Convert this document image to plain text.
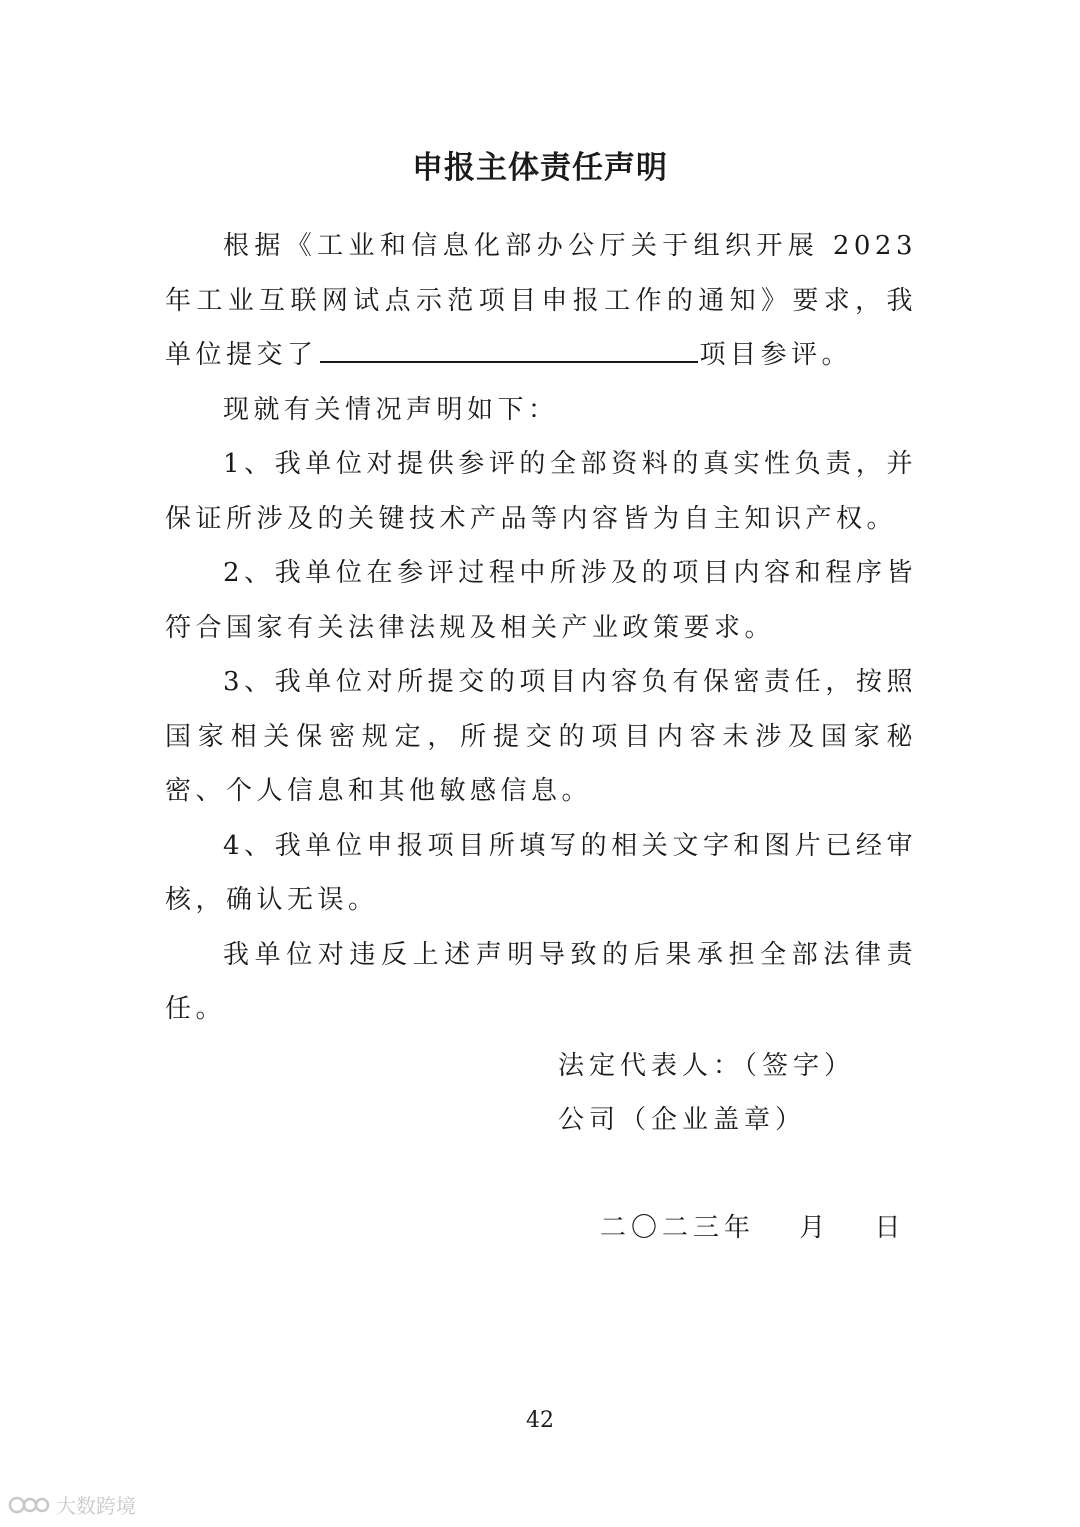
申报主体责任声明

根据《工业和信息化部办公厅关于组织开展 2023 年工业互联网试点示范项目申报工作的通知》要求，我单位提交了	项目参评。

现就有关情况声明如下：

1、我单位对提供参评的全部资料的真实性负责，并保证所涉及的关键技术产品等内容皆为自主知识产权。

2、我单位在参评过程中所涉及的项目内容和程序皆符合国家有关法律法规及相关产业政策要求。

3、我单位对所提交的项目内容负有保密责任，按照国家相关保密规定，所提交的项目内容未涉及国家秘密、个人信息和其他敏感信息。

4、我单位申报项目所填写的相关文字和图片已经审核，确认无误。

我单位对违反上述声明导致的后果承担全部法律责任。

法定代表人：（签字）
公司（企业盖章）
二〇二三年　 月　 日
42
大数跨境
